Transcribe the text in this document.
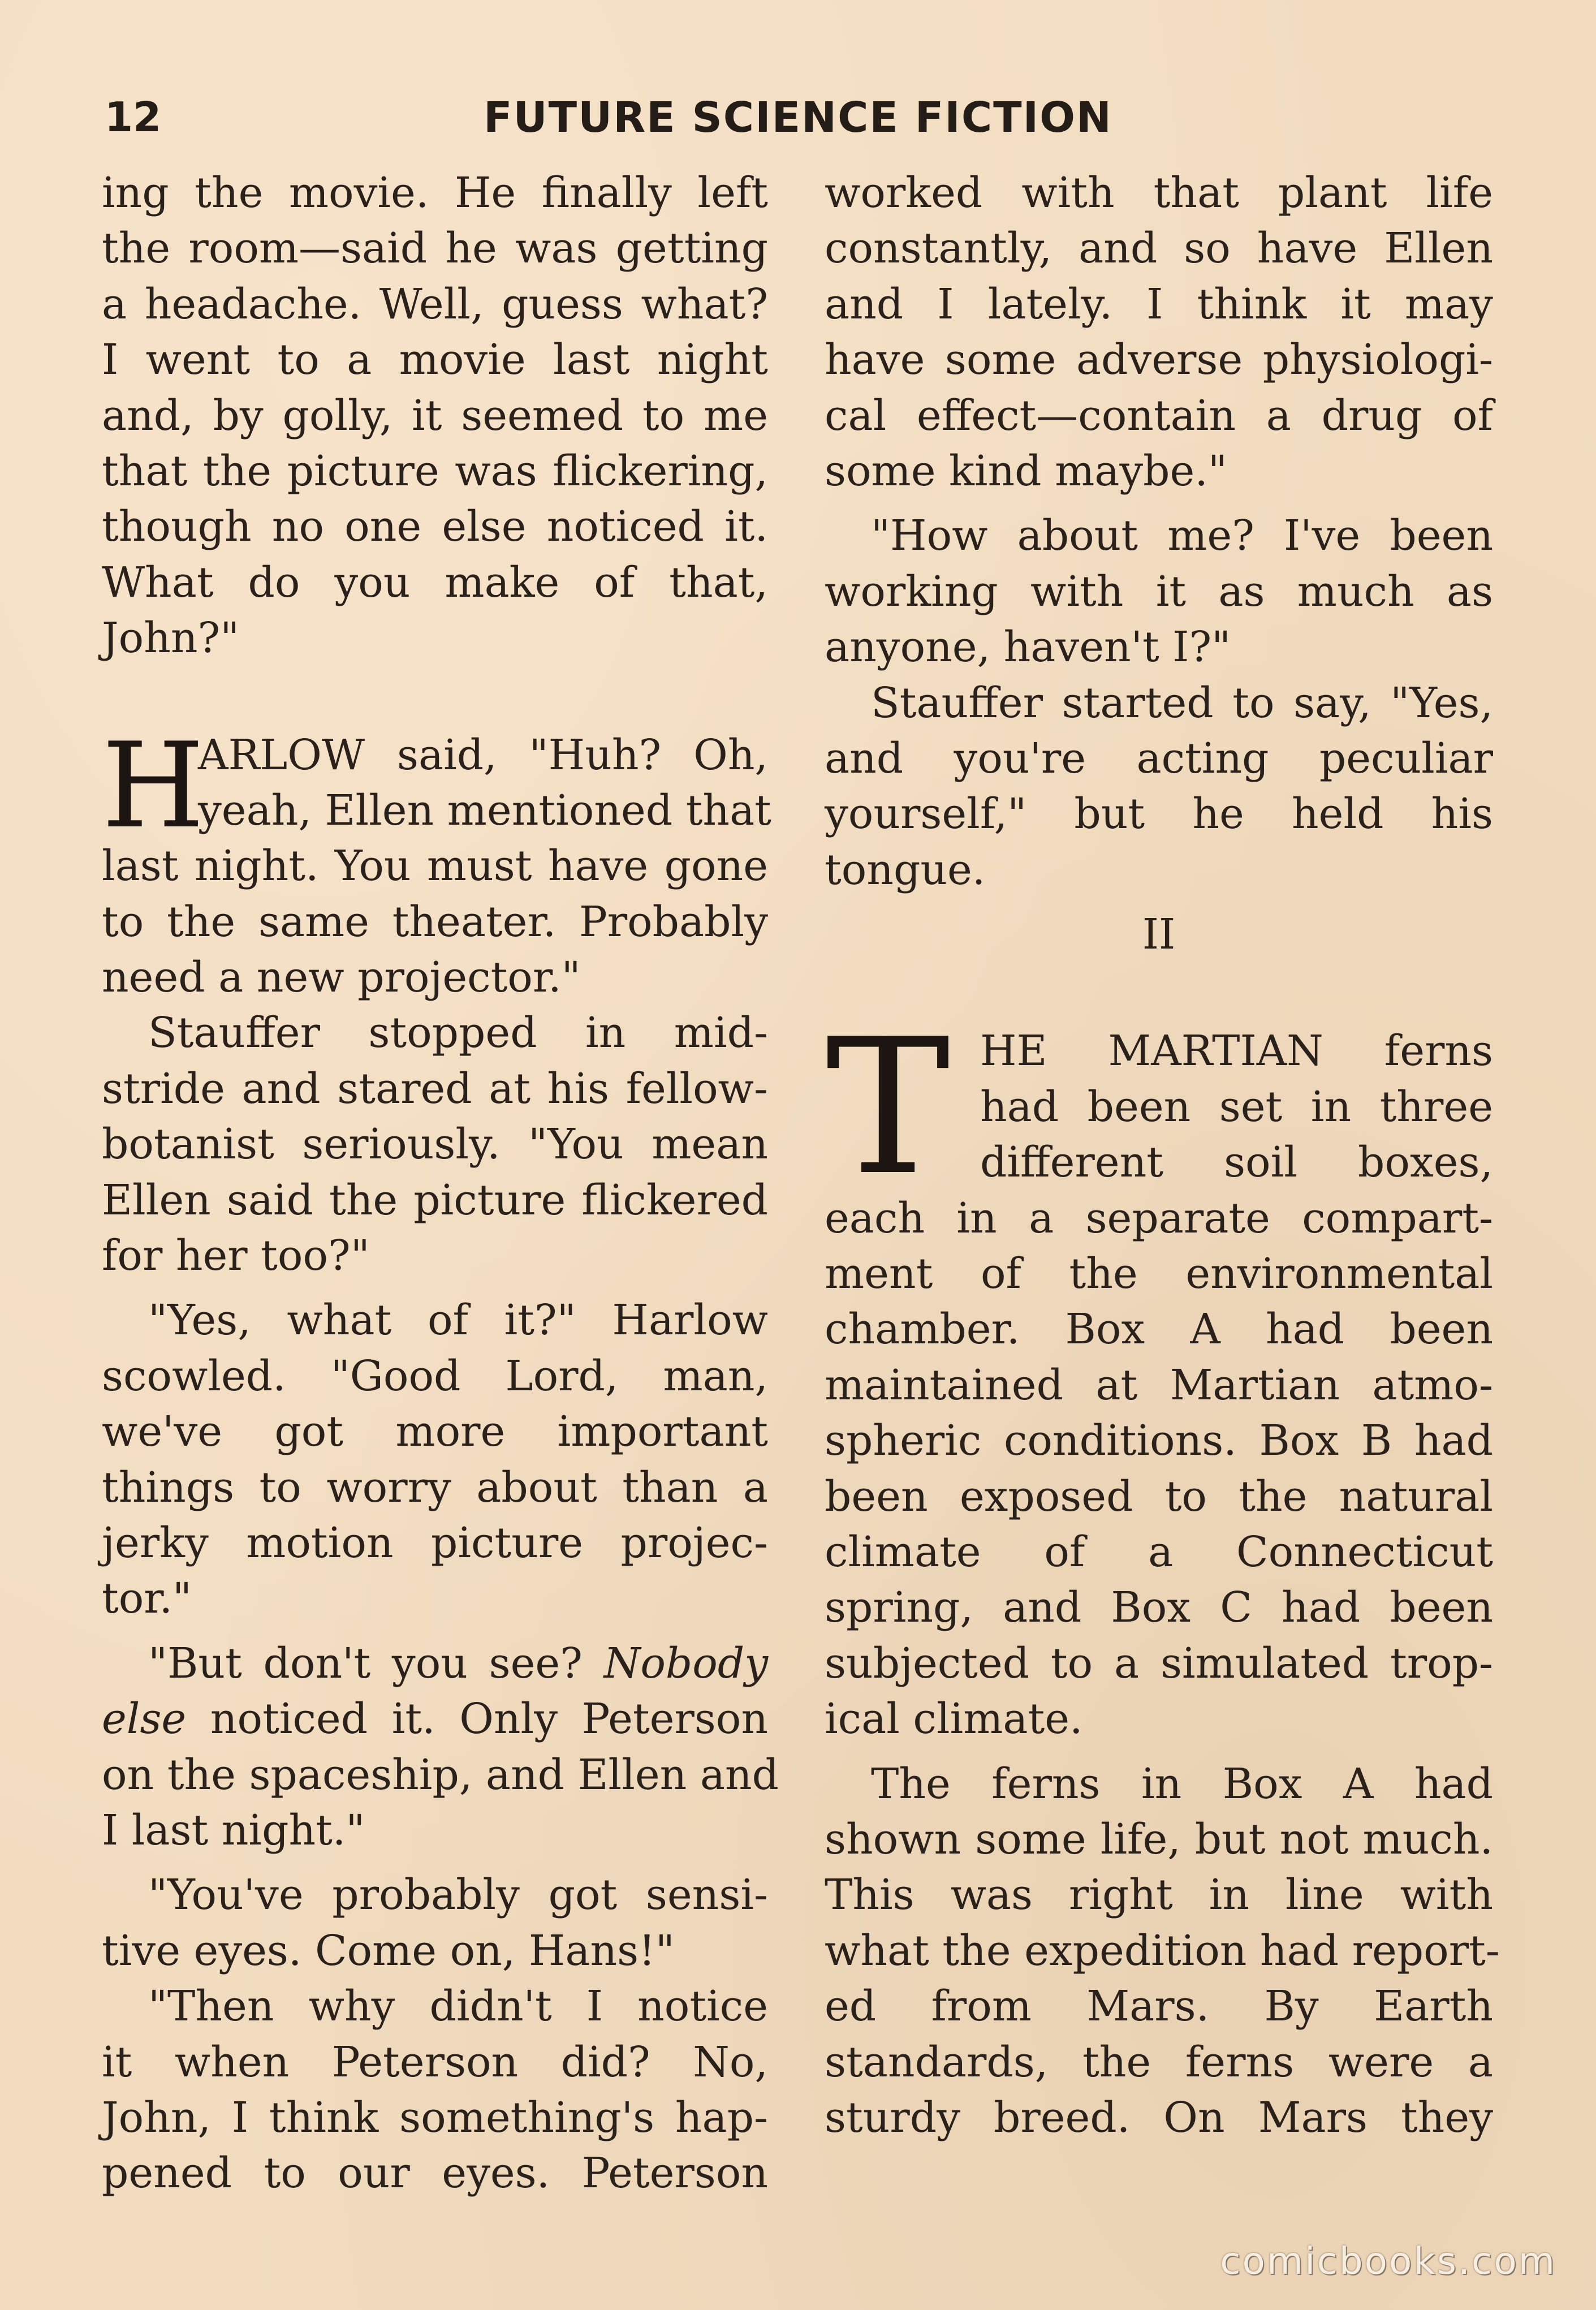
12	FUTURE SCIENCE FICTION
ing the movie. He finally left
the room—said he was getting
a headache. Well, guess what?
I went to a movie last night
and, by golly, it seemed to me
that the picture was flickering,
though no one else noticed it.
What do you make of that,
John?"
H
ARLOW said, "Huh? Oh,
yeah, Ellen mentioned that
last night. You must have gone
to the same theater. Probably
need a new projector."
Stauffer stopped in mid-
stride and stared at his fellow-
botanist seriously. "You mean
Ellen said the picture flickered
for her too?"
"Yes, what of it?" Harlow
scowled. "Good Lord, man,
we've got more important
things to worry about than a
jerky motion picture projec-
tor."
"But don't you see? Nobody
else noticed it. Only Peterson
on the spaceship, and Ellen and
I last night."
"You've probably got sensi-
tive eyes. Come on, Hans!"
"Then why didn't I notice
it when Peterson did? No,
John, I think something's hap-
pened to our eyes. Peterson
worked with that plant life
constantly, and so have Ellen
and I lately. I think it may
have some adverse physiologi-
cal effect—contain a drug of
some kind maybe."
"How about me? I've been
working with it as much as
anyone, haven't I?"
Stauffer started to say, "Yes,
and you're acting peculiar
yourself," but he held his
tongue.
II
T HE MARTIAN ferns
had been set in three
different soil boxes,
each in a separate compart-
ment of the environmental
chamber. Box A had been
maintained at Martian atmo-
spheric conditions. Box B had
been exposed to the natural
climate of a Connecticut
spring, and Box C had been
subjected to a simulated trop-
ical climate.
The ferns in Box A had
shown some life, but not much.
This was right in line with
what the expedition had report-
ed from Mars. By Earth
standards, the ferns were a
sturdy breed. On Mars they
comicbooks.com
